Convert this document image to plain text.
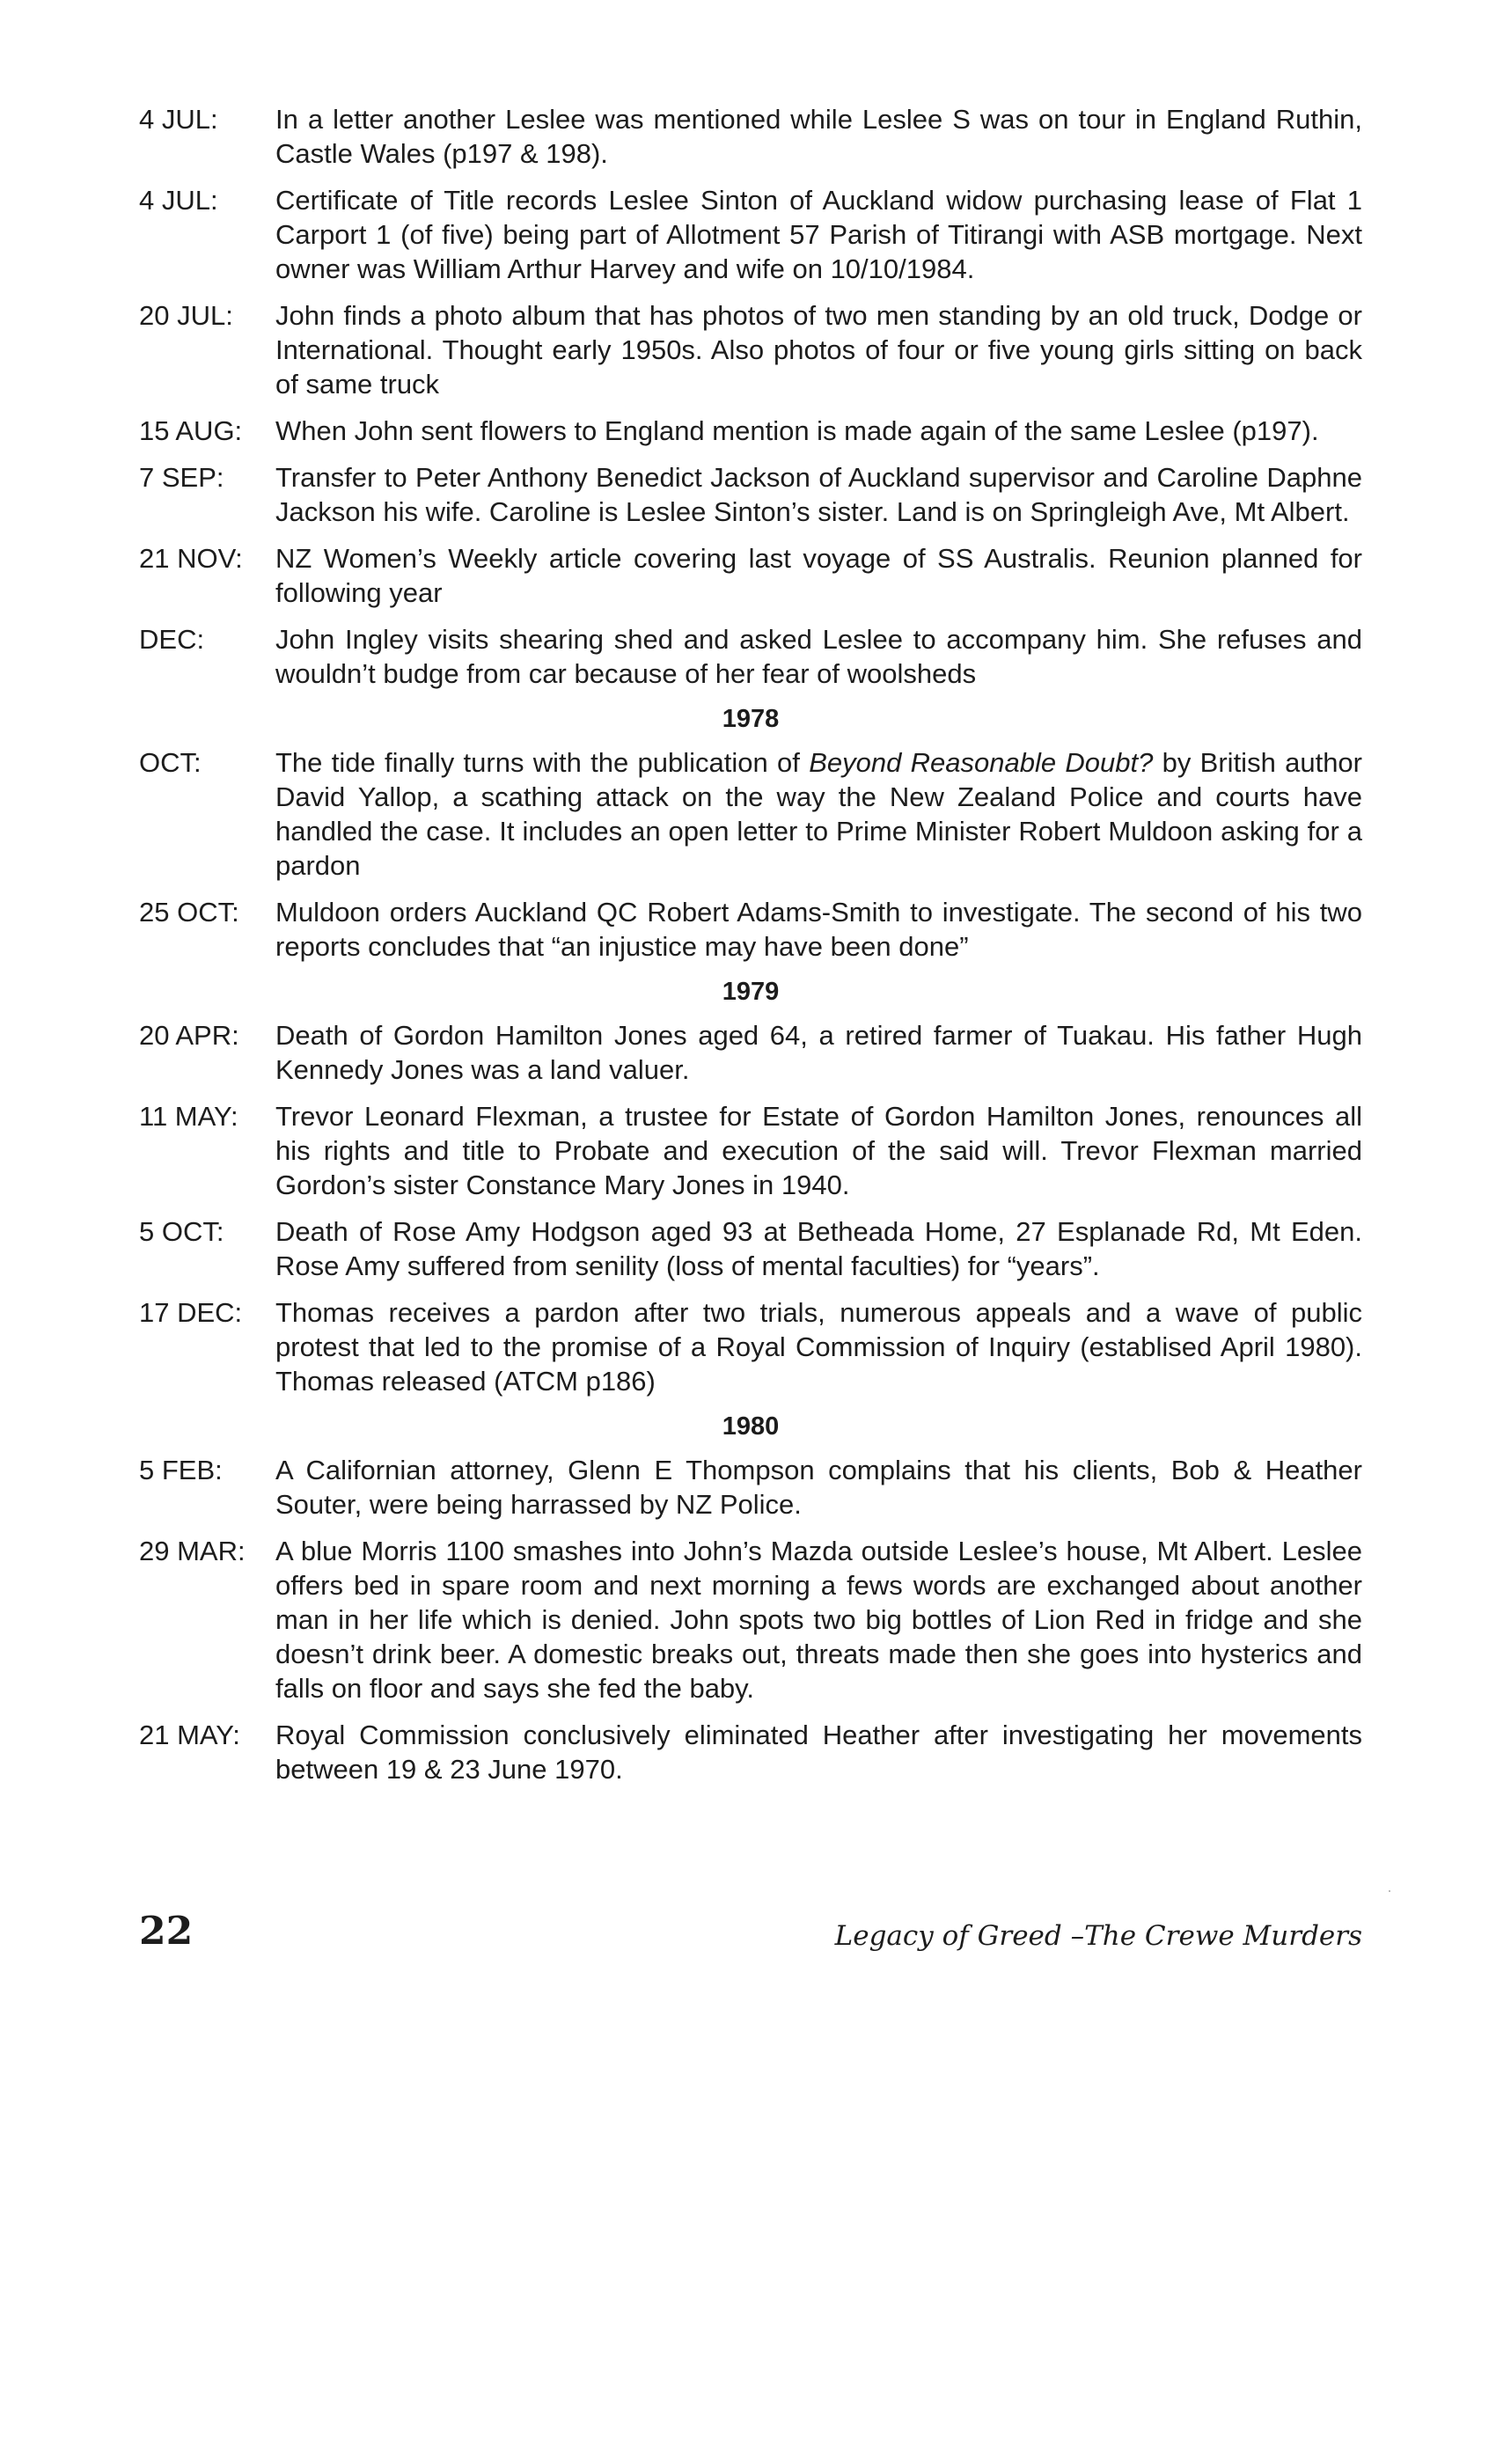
4 JUL:	In a letter another Leslee was mentioned while Leslee S was on tour in England Ruthin, Castle Wales (p197 & 198).
4 JUL:	Certificate of Title records Leslee Sinton of Auckland widow purchasing lease of Flat 1 Carport 1 (of five) being part of Allotment 57 Parish of Titirangi with ASB mortgage. Next owner was William Arthur Harvey and wife on 10/10/1984.
20 JUL:	John finds a photo album that has photos of two men standing by an old truck, Dodge or International. Thought early 1950s. Also photos of four or five young girls sitting on back of same truck
15 AUG:	When John sent flowers to England mention is made again of the same Leslee (p197).
7 SEP:	Transfer to Peter Anthony Benedict Jackson of Auckland supervisor and Caroline Daphne Jackson his wife. Caroline is Leslee Sinton’s sister. Land is on Springleigh Ave, Mt Albert.
21 NOV:	NZ Women’s Weekly article covering last voyage of SS Australis. Reunion planned for following year
DEC:	John Ingley visits shearing shed and asked Leslee to accompany him. She refuses and wouldn’t budge from car because of her fear of woolsheds
1978
OCT:	The tide finally turns with the publication of Beyond Reasonable Doubt? by British author David Yallop, a scathing attack on the way the New Zealand Police and courts have handled the case. It includes an open letter to Prime Minister Robert Muldoon asking for a pardon
25 OCT:	Muldoon orders Auckland QC Robert Adams-Smith to investigate. The second of his two reports concludes that “an injustice may have been done”
1979
20 APR:	Death of Gordon Hamilton Jones aged 64, a retired farmer of Tuakau. His father Hugh Kennedy Jones was a land valuer.
11 MAY:	Trevor Leonard Flexman, a trustee for Estate of Gordon Hamilton Jones, renounces all his rights and title to Probate and execution of the said will. Trevor Flexman married Gordon’s sister Constance Mary Jones in 1940.
5 OCT:	Death of Rose Amy Hodgson aged 93 at Betheada Home, 27 Esplanade Rd, Mt Eden. Rose Amy suffered from senility (loss of mental faculties) for “years”.
17 DEC:	Thomas receives a pardon after two trials, numerous appeals and a wave of public protest that led to the promise of a Royal Commission of Inquiry (establised April 1980). Thomas released (ATCM p186)
1980
5 FEB:	A Californian attorney, Glenn E Thompson complains that his clients, Bob & Heather Souter, were being harrassed by NZ Police.
29 MAR:	A blue Morris 1100 smashes into John’s Mazda outside Leslee’s house, Mt Albert. Leslee offers bed in spare room and next morning a fews words are exchanged about another man in her life which is denied. John spots two big bottles of Lion Red in fridge and she doesn’t drink beer. A domestic breaks out, threats made then she goes into hysterics and falls on floor and says she fed the baby.
21 MAY:	Royal Commission conclusively eliminated Heather after investigating her movements between 19 & 23 June 1970.
22	Legacy of Greed –The Crewe Murders
